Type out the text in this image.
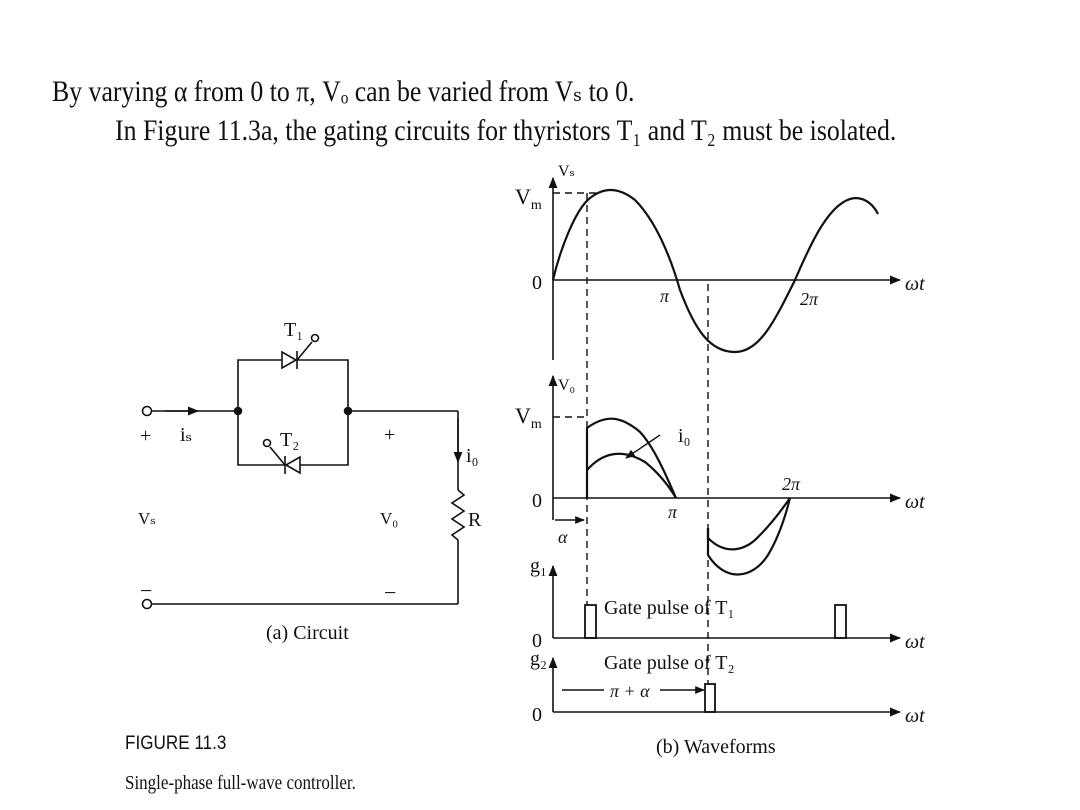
By varying α from 0 to π, Vₒ can be varied from Vₛ to 0.
In Figure 11.3a, the gating circuits for thyristors T₁ and T₂ must be isolated.
T₁
T₂
iₛ
i₀
+
−
Vₛ
+
−
V₀	R
(a) Circuit
Vₛ
$V_m$
0	ωt
π	2π
V₀
$V_m$
i₀
0	ωt
π
2π
α
g₁
Gate pulse of T₁
0	ωt
g₂	Gate pulse of T₂
π + α
0	ωt
(b) Waveforms
FIGURE 11.3
Single-phase full-wave controller.
